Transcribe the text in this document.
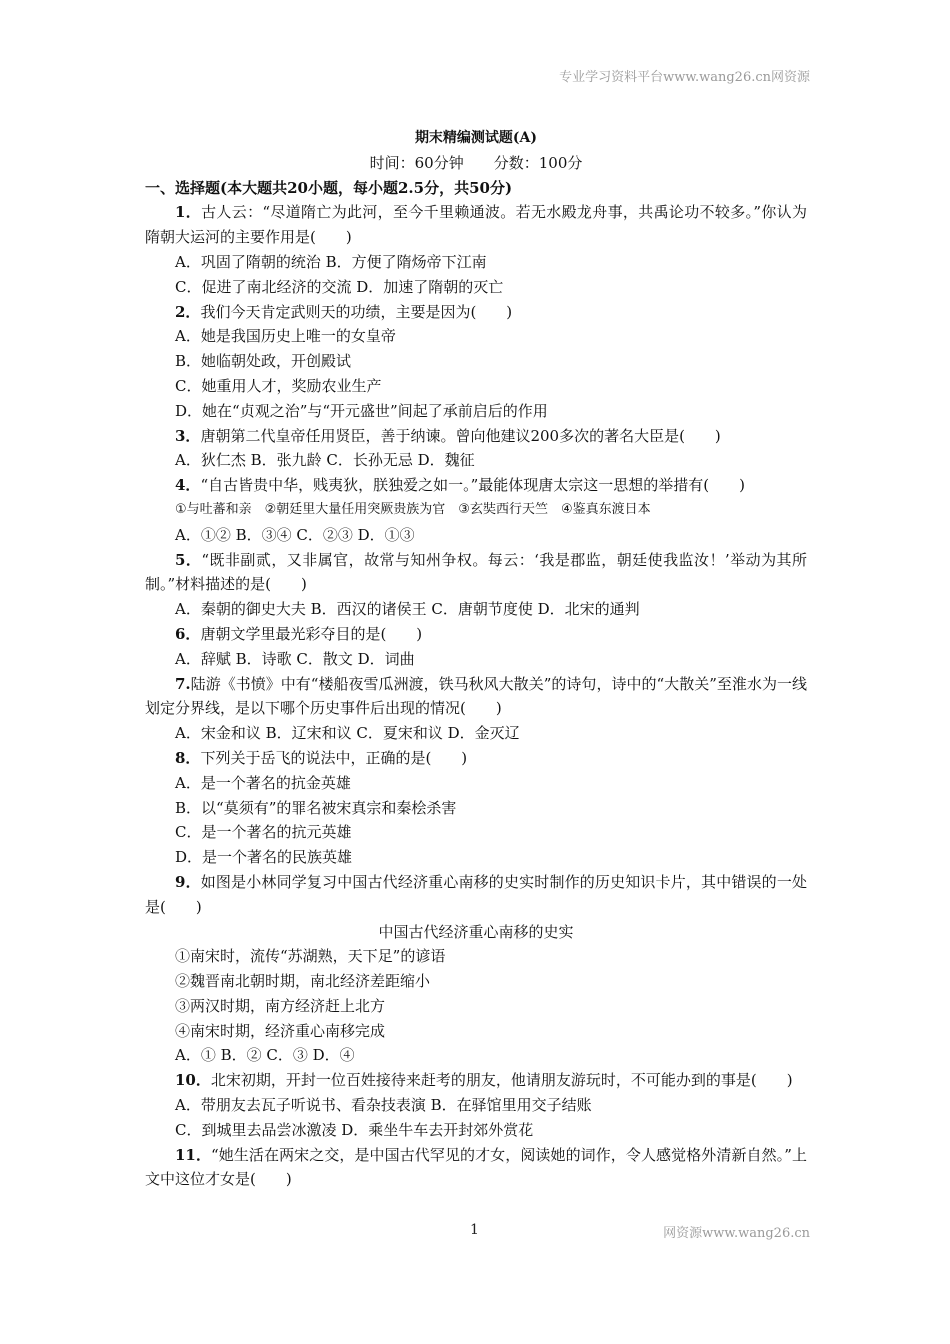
专业学习资料平台www.wang26.cn网资源

期末精编测试题(A)

时间：60分钟　　分数：100分

一、选择题(本大题共20小题，每小题2.5分，共50分)

1．古人云：“尽道隋亡为此河，至今千里赖通波。若无水殿龙舟事，共禹论功不较多。”你认为隋朝大运河的主要作用是(　　)

A．巩固了隋朝的统治 B．方便了隋炀帝下江南

C．促进了南北经济的交流 D．加速了隋朝的灭亡

2．我们今天肯定武则天的功绩，主要是因为(　　)

A．她是我国历史上唯一的女皇帝

B．她临朝处政，开创殿试

C．她重用人才，奖励农业生产

D．她在“贞观之治”与“开元盛世”间起了承前启后的作用

3．唐朝第二代皇帝任用贤臣，善于纳谏。曾向他建议200多次的著名大臣是(　　)

A．狄仁杰 B．张九龄 C．长孙无忌 D．魏征

4．“自古皆贵中华，贱夷狄，朕独爱之如一。”最能体现唐太宗这一思想的举措有(　　)

①与吐蕃和亲　②朝廷里大量任用突厥贵族为官　③玄奘西行天竺　④鉴真东渡日本

A．①② B．③④ C．②③ D．①③

5．“既非副贰，又非属官，故常与知州争权。每云：‘我是郡监，朝廷使我监汝！’举动为其所制。”材料描述的是(　　)

A．秦朝的御史大夫 B．西汉的诸侯王 C．唐朝节度使 D．北宋的通判

6．唐朝文学里最光彩夺目的是(　　)

A．辞赋 B．诗歌 C．散文 D．词曲

7.陆游《书愤》中有“楼船夜雪瓜洲渡，铁马秋风大散关”的诗句，诗中的“大散关”至淮水为一线划定分界线，是以下哪个历史事件后出现的情况(　　)

A．宋金和议 B．辽宋和议 C．夏宋和议 D．金灭辽

8．下列关于岳飞的说法中，正确的是(　　)

A．是一个著名的抗金英雄

B．以“莫须有”的罪名被宋真宗和秦桧杀害

C．是一个著名的抗元英雄

D．是一个著名的民族英雄

9．如图是小林同学复习中国古代经济重心南移的史实时制作的历史知识卡片，其中错误的一处是(　　)

中国古代经济重心南移的史实

①南宋时，流传“苏湖熟，天下足”的谚语

②魏晋南北朝时期，南北经济差距缩小

③两汉时期，南方经济赶上北方

④南宋时期，经济重心南移完成

A．① B．② C．③ D．④

10．北宋初期，开封一位百姓接待来赶考的朋友，他请朋友游玩时，不可能办到的事是(　　)

A．带朋友去瓦子听说书、看杂技表演 B．在驿馆里用交子结账

C．到城里去品尝冰激凌 D．乘坐牛车去开封郊外赏花

11．“她生活在两宋之交，是中国古代罕见的才女，阅读她的词作，令人感觉格外清新自然。”上文中这位才女是(　　)

1	网资源www.wang26.cn
